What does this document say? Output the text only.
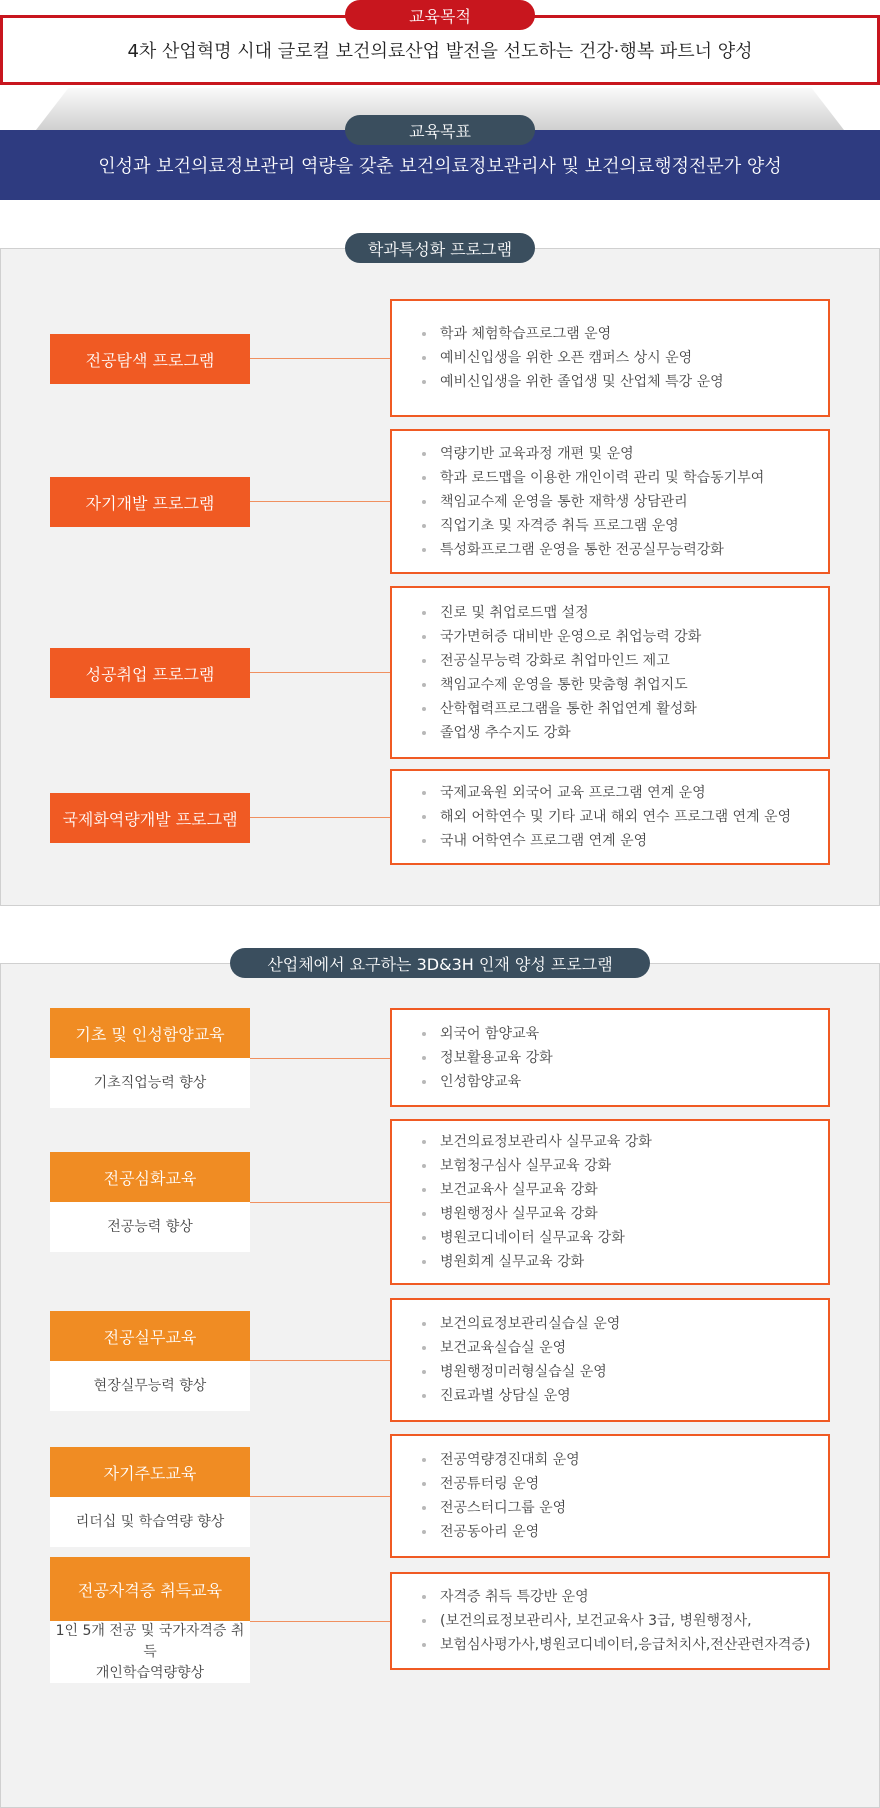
4차 산업혁명 시대 글로컬 보건의료산업 발전을 선도하는 건강·행복 파트너 양성
교육목적
인성과 보건의료정보관리 역량을 갖춘 보건의료정보관리사 및 보건의료행정전문가 양성
교육목표
학과특성화 프로그램
학과 체험학습프로그램 운영
예비신입생을 위한 오픈 캠퍼스 상시 운영
예비신입생을 위한 졸업생 및 산업체 특강 운영
전공탐색 프로그램
역량기반 교육과정 개편 및 운영
학과 로드맵을 이용한 개인이력 관리 및 학습동기부여
책임교수제 운영을 통한 재학생 상담관리
직업기초 및 자격증 취득 프로그램 운영
특성화프로그램 운영을 통한 전공실무능력강화
자기개발 프로그램
진로 및 취업로드맵 설정
국가면허증 대비반 운영으로 취업능력 강화
전공실무능력 강화로 취업마인드 제고
책임교수제 운영을 통한 맞춤형 취업지도
산학협력프로그램을 통한 취업연계 활성화
졸업생 추수지도 강화
성공취업 프로그램
국제교육원 외국어 교육 프로그램 연계 운영
해외 어학연수 및 기타 교내 해외 연수 프로그램 연계 운영
국내 어학연수 프로그램 연계 운영
국제화역량개발 프로그램
산업체에서 요구하는 3D&3H 인재 양성 프로그램
외국어 함양교육
정보활용교육 강화
인성함양교육
기초 및 인성함양교육
기초직업능력 향상
보건의료정보관리사 실무교육 강화
보험청구심사 실무교육 강화
보건교육사 실무교육 강화
병원행정사 실무교육 강화
병원코디네이터 실무교육 강화
병원회계 실무교육 강화
전공심화교육
전공능력 향상
보건의료정보관리실습실 운영
보건교육실습실 운영
병원행정미러형실습실 운영
진료과별 상담실 운영
전공실무교육
현장실무능력 향상
전공역량경진대회 운영
전공튜터링 운영
전공스터디그룹 운영
전공동아리 운영
자기주도교육
리더십 및 학습역량 향상
자격증 취득 특강반 운영
(보건의료정보관리사, 보건교육사 3급, 병원행정사,
보험심사평가사,병원코디네이터,응급처치사,전산관련자격증)
전공자격증 취득교육
1인 5개 전공 및 국가자격증 취득
개인학습역량향상
